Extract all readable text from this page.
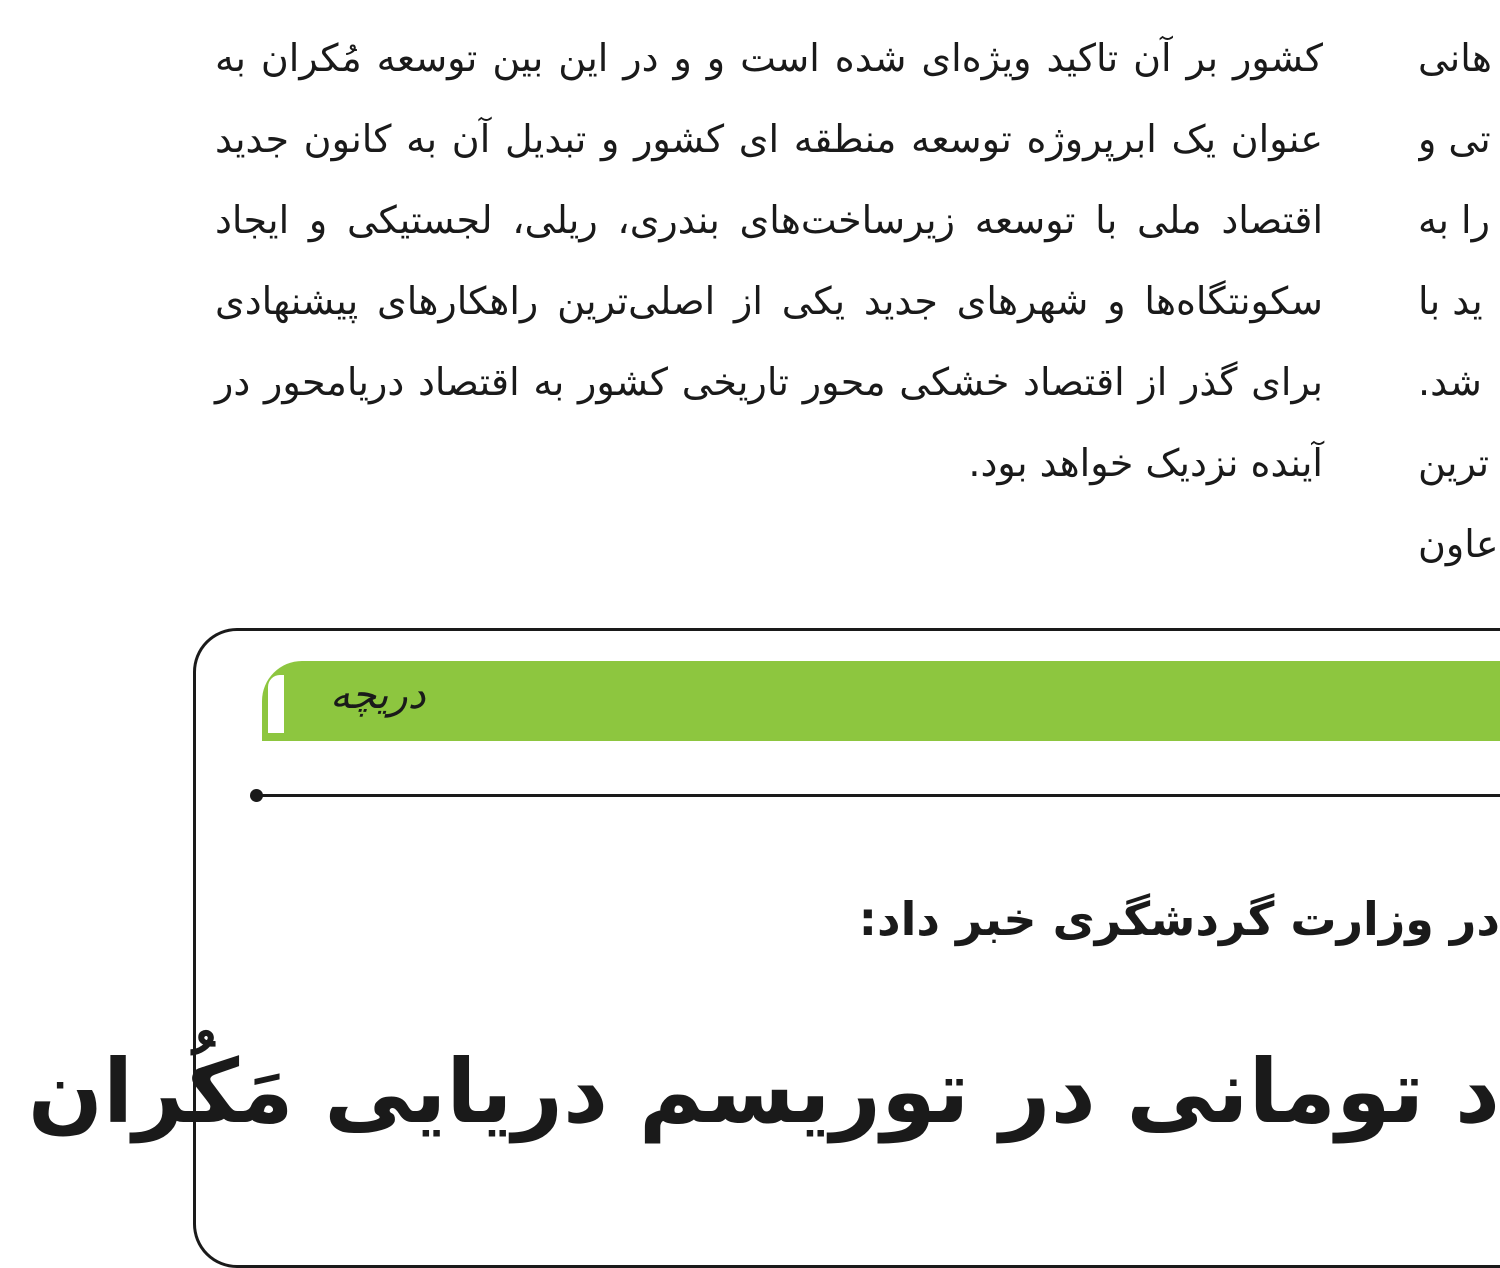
کشور بر آن تاکید ویژه‌ای شده است و و در این بین توسعه مُکران به عنوان یک ابرپروژه توسعه منطقه ای کشور و تبدیل آن به کانون جدید اقتصاد ملی با توسعه زیرساخت‌های بندری، ریلی، لجستیکی و ایجاد سکونتگاه‌ها و شهرهای جدید یکی از اصلی‌ترین راهکارهای پیشنهادی برای گذر از اقتصاد خشکی محور تاریخی کشور به اقتصاد دریامحور در آینده نزدیک خواهد بود.

هانی
تی و
را به
ید با
شد.
ترین
عاون
دریچه
در وزارت گردشگری خبر داد:
د تومانی در توریسم دریایی مَکُران
